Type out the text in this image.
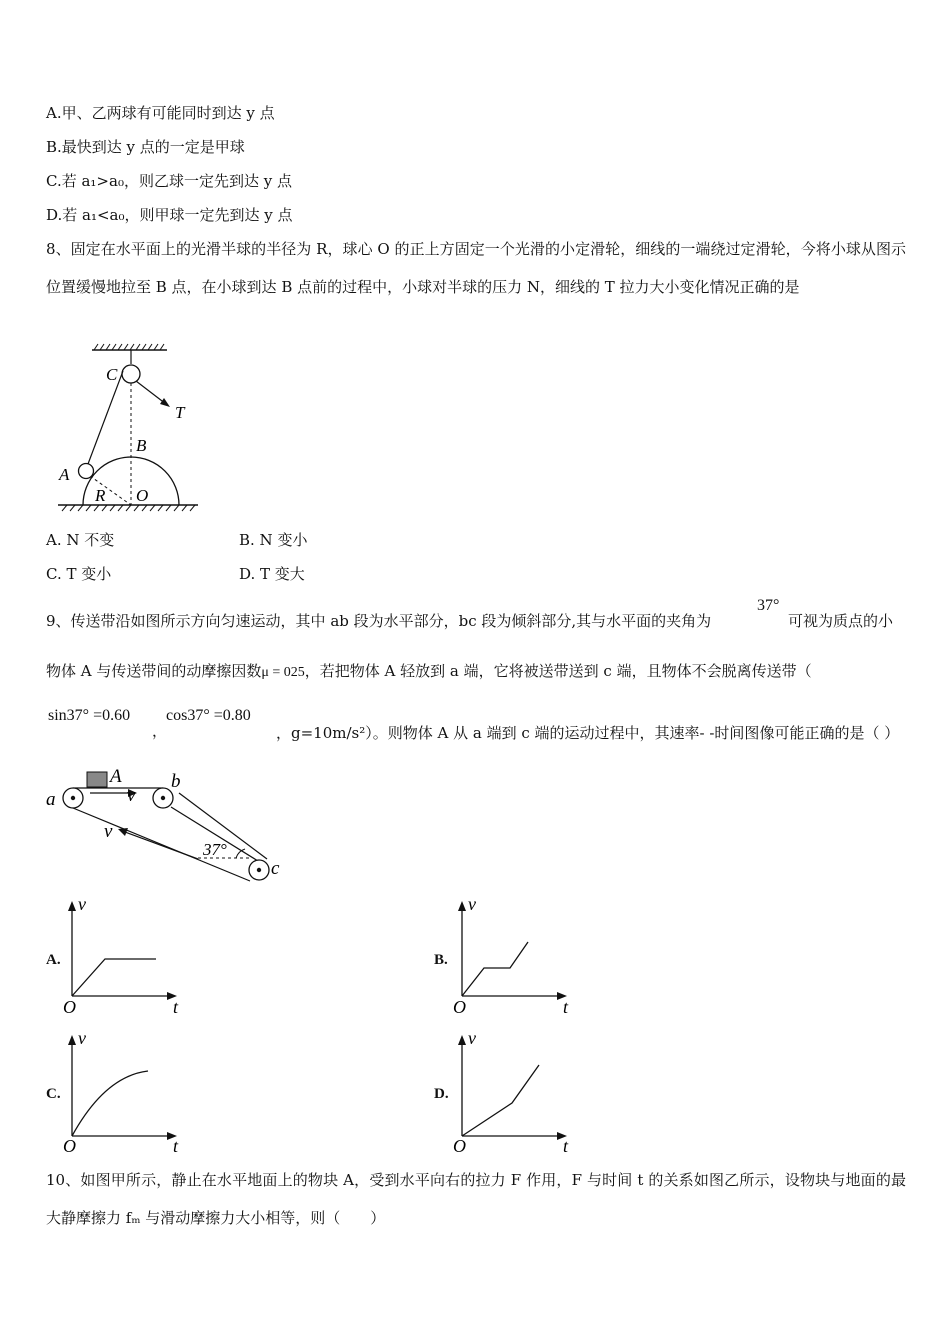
A.甲、乙两球有可能同时到达 y 点
B.最快到达 y 点的一定是甲球
C.若 a₁>a₀，则乙球一定先到达 y 点
D.若 a₁<a₀，则甲球一定先到达 y 点
8、固定在水平面上的光滑半球的半径为 R，球心 O 的正上方固定一个光滑的小定滑轮，细线的一端绕过定滑轮，今将小球从图示位置缓慢地拉至 B 点，在小球到达 B 点前的过程中，小球对半球的压力 N，细线的 T 拉力大小变化情况正确的是
C
T
B
A
R O
A. N 不变	B. N 变小
C. T 变小	D. T 变大
9、传送带沿如图所示方向匀速运动，其中 ab 段为水平部分，bc 段为倾斜部分,其与水平面的夹角为
37°
可视为质点的小
物体 A 与传送带间的动摩擦因数μ = 025，若把物体 A 轻放到 a 端，它将被送带送到 c 端，且物体不会脱离传送带（
sin37° =0.60
，
cos37° =0.80
，g=10m/s²）。则物体 A 从 a 端到 c 端的运动过程中，其速率- -时间图像可能正确的是（ ）
a
b
c
A
v
v
37°
A.
v
t
O
B.
v
t
O
C.
v
t
O
D.
v
t
O
10、如图甲所示，静止在水平地面上的物块 A，受到水平向右的拉力 F 作用，F 与时间 t 的关系如图乙所示，设物块与地面的最大静摩擦力 fₘ 与滑动摩擦力大小相等，则（　　）
